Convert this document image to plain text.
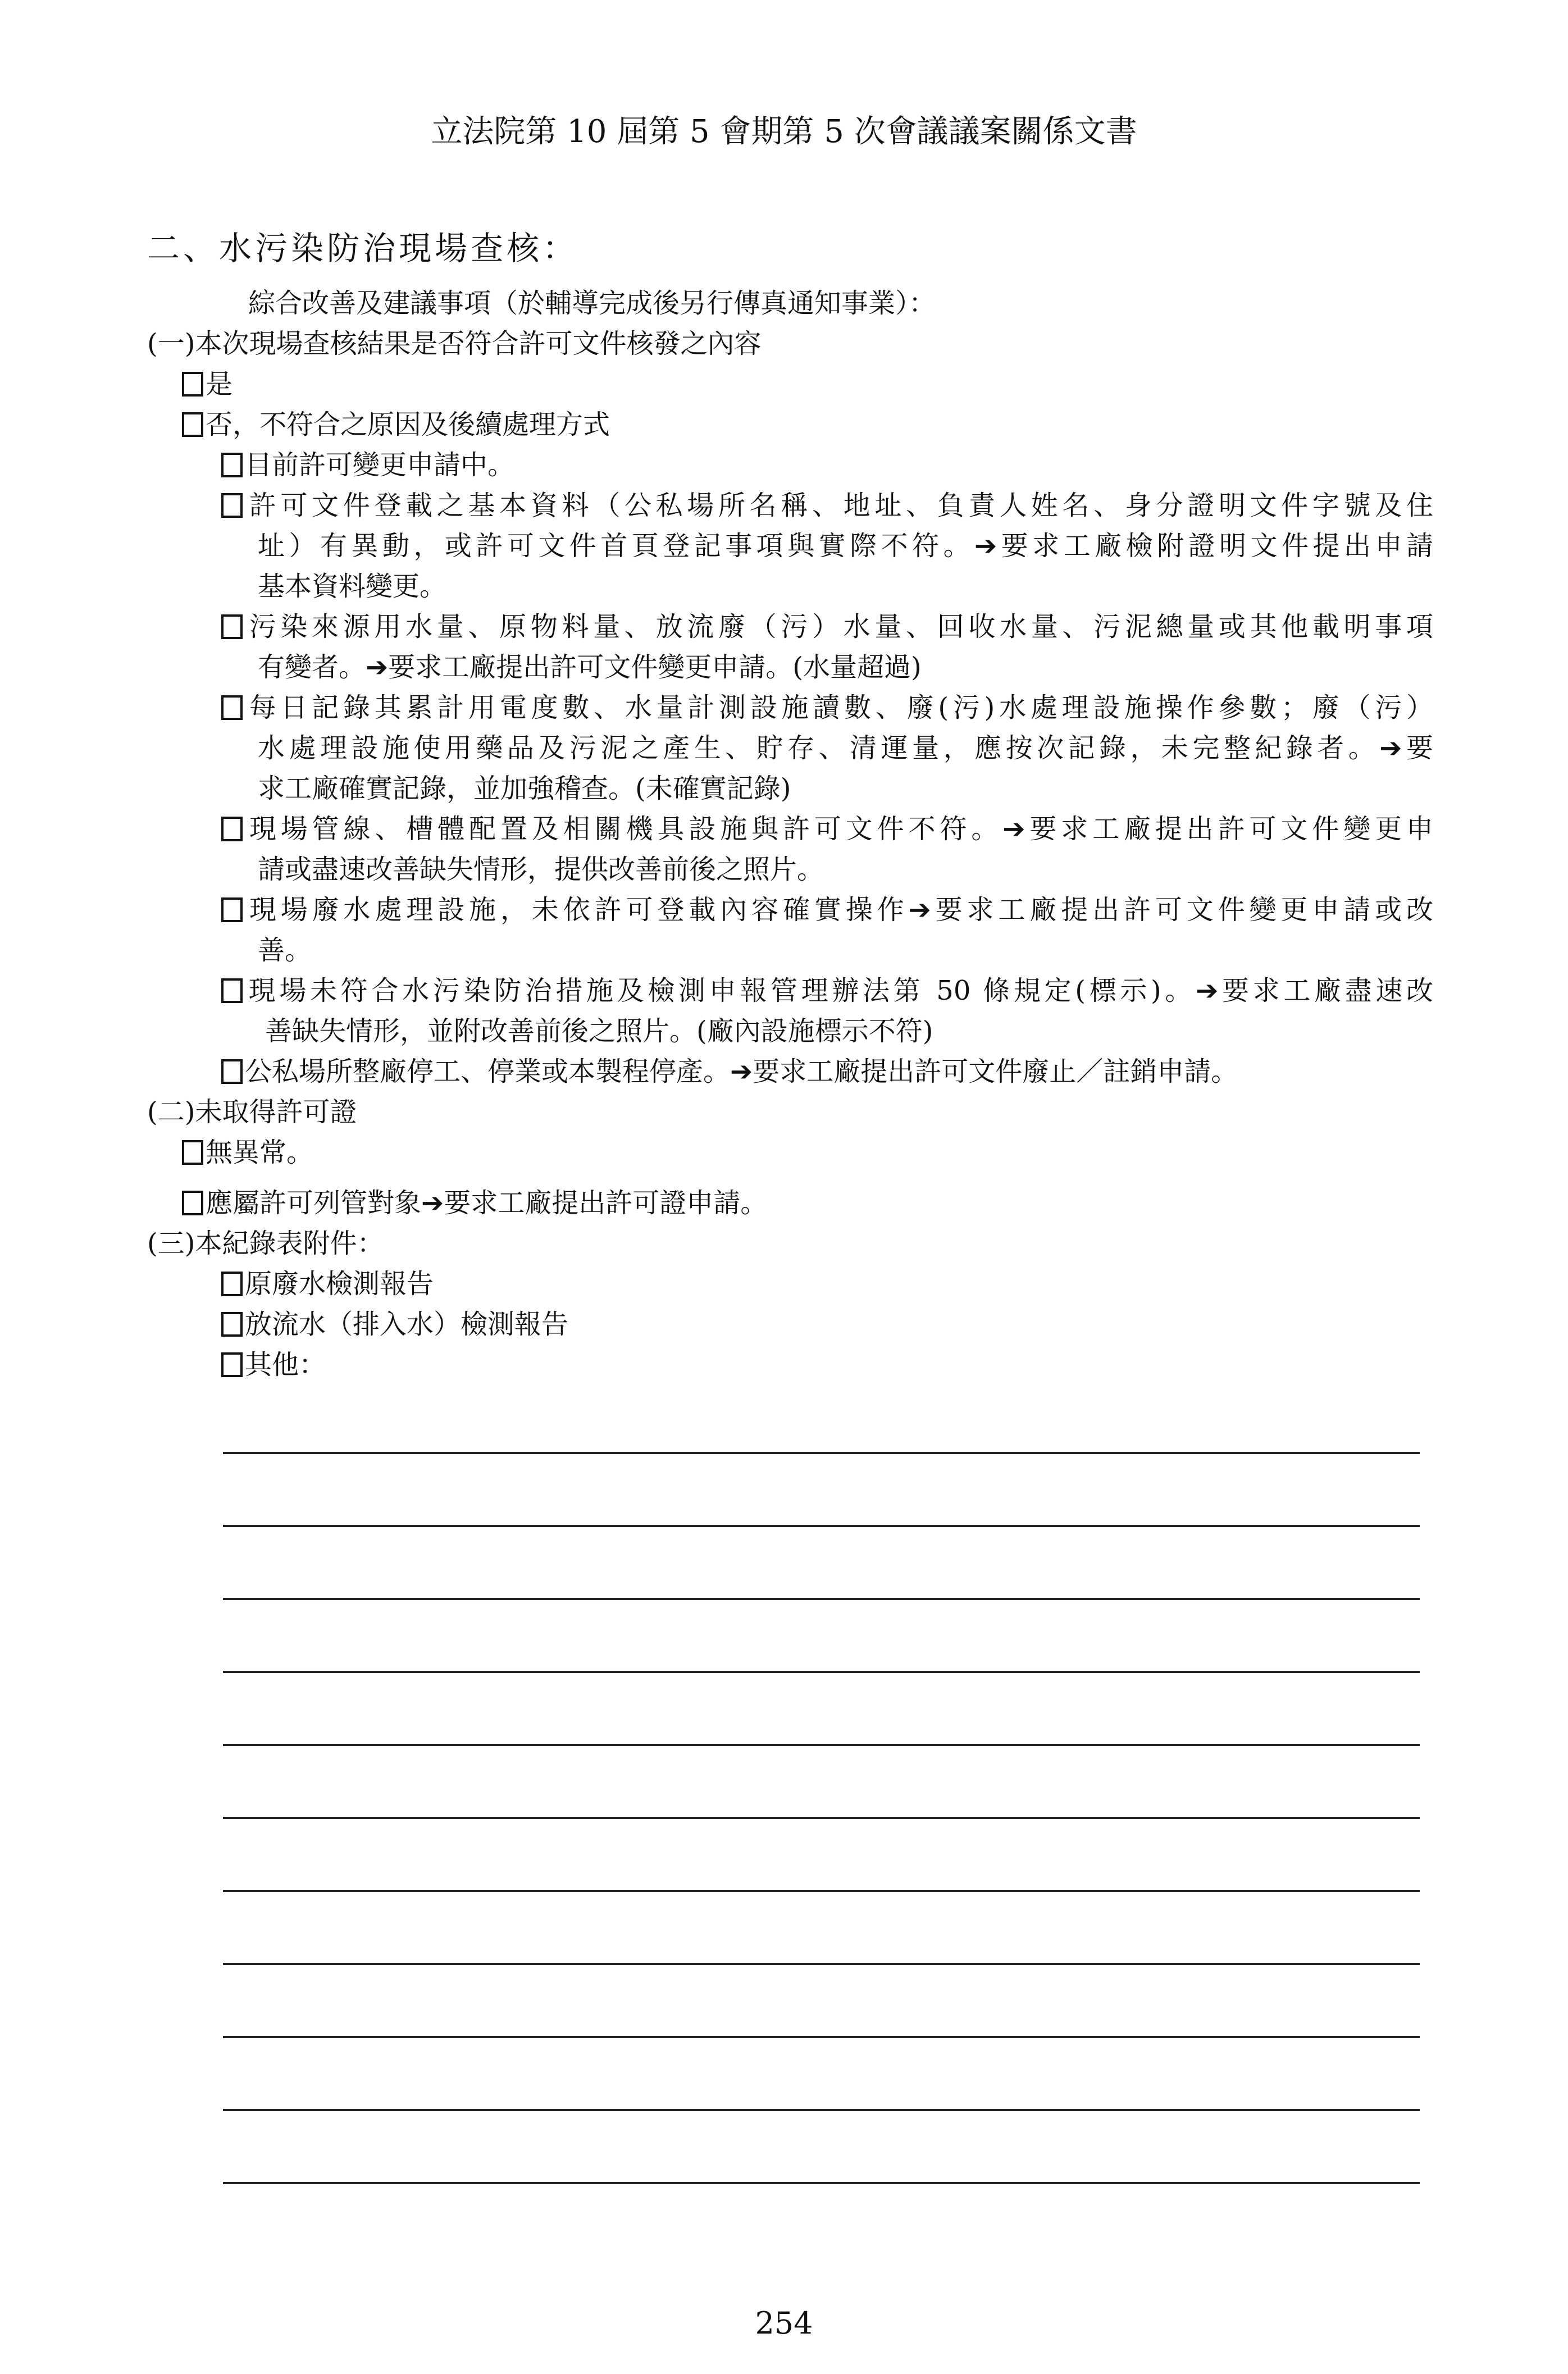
立法院第 10 屆第 5 會期第 5 次會議議案關係文書
二、水污染防治現場查核：
綜合改善及建議事項（於輔導完成後另行傳真通知事業）：
(一)本次現場查核結果是否符合許可文件核發之內容
是
否，不符合之原因及後續處理方式
目前許可變更申請中。
許可文件登載之基本資料（公私場所名稱、地址、負責人姓名、身分證明文件字號及住
址）有異動，或許可文件首頁登記事項與實際不符。➔要求工廠檢附證明文件提出申請
基本資料變更。
污染來源用水量、原物料量、放流廢（污）水量、回收水量、污泥總量或其他載明事項
有變者。➔要求工廠提出許可文件變更申請。(水量超過)
每日記錄其累計用電度數、水量計測設施讀數、廢(污)水處理設施操作參數；廢（污）
水處理設施使用藥品及污泥之產生、貯存、清運量，應按次記錄，未完整紀錄者。➔要
求工廠確實記錄，並加強稽查。(未確實記錄)
現場管線、槽體配置及相關機具設施與許可文件不符。➔要求工廠提出許可文件變更申
請或盡速改善缺失情形，提供改善前後之照片。
現場廢水處理設施，未依許可登載內容確實操作➔要求工廠提出許可文件變更申請或改
善。
現場未符合水污染防治措施及檢測申報管理辦法第 50 條規定(標示)。➔要求工廠盡速改
善缺失情形，並附改善前後之照片。(廠內設施標示不符)
公私場所整廠停工、停業或本製程停產。➔要求工廠提出許可文件廢止／註銷申請。
(二)未取得許可證
無異常。
應屬許可列管對象➔要求工廠提出許可證申請。
(三)本紀錄表附件：
原廢水檢測報告
放流水（排入水）檢測報告
其他：
254
